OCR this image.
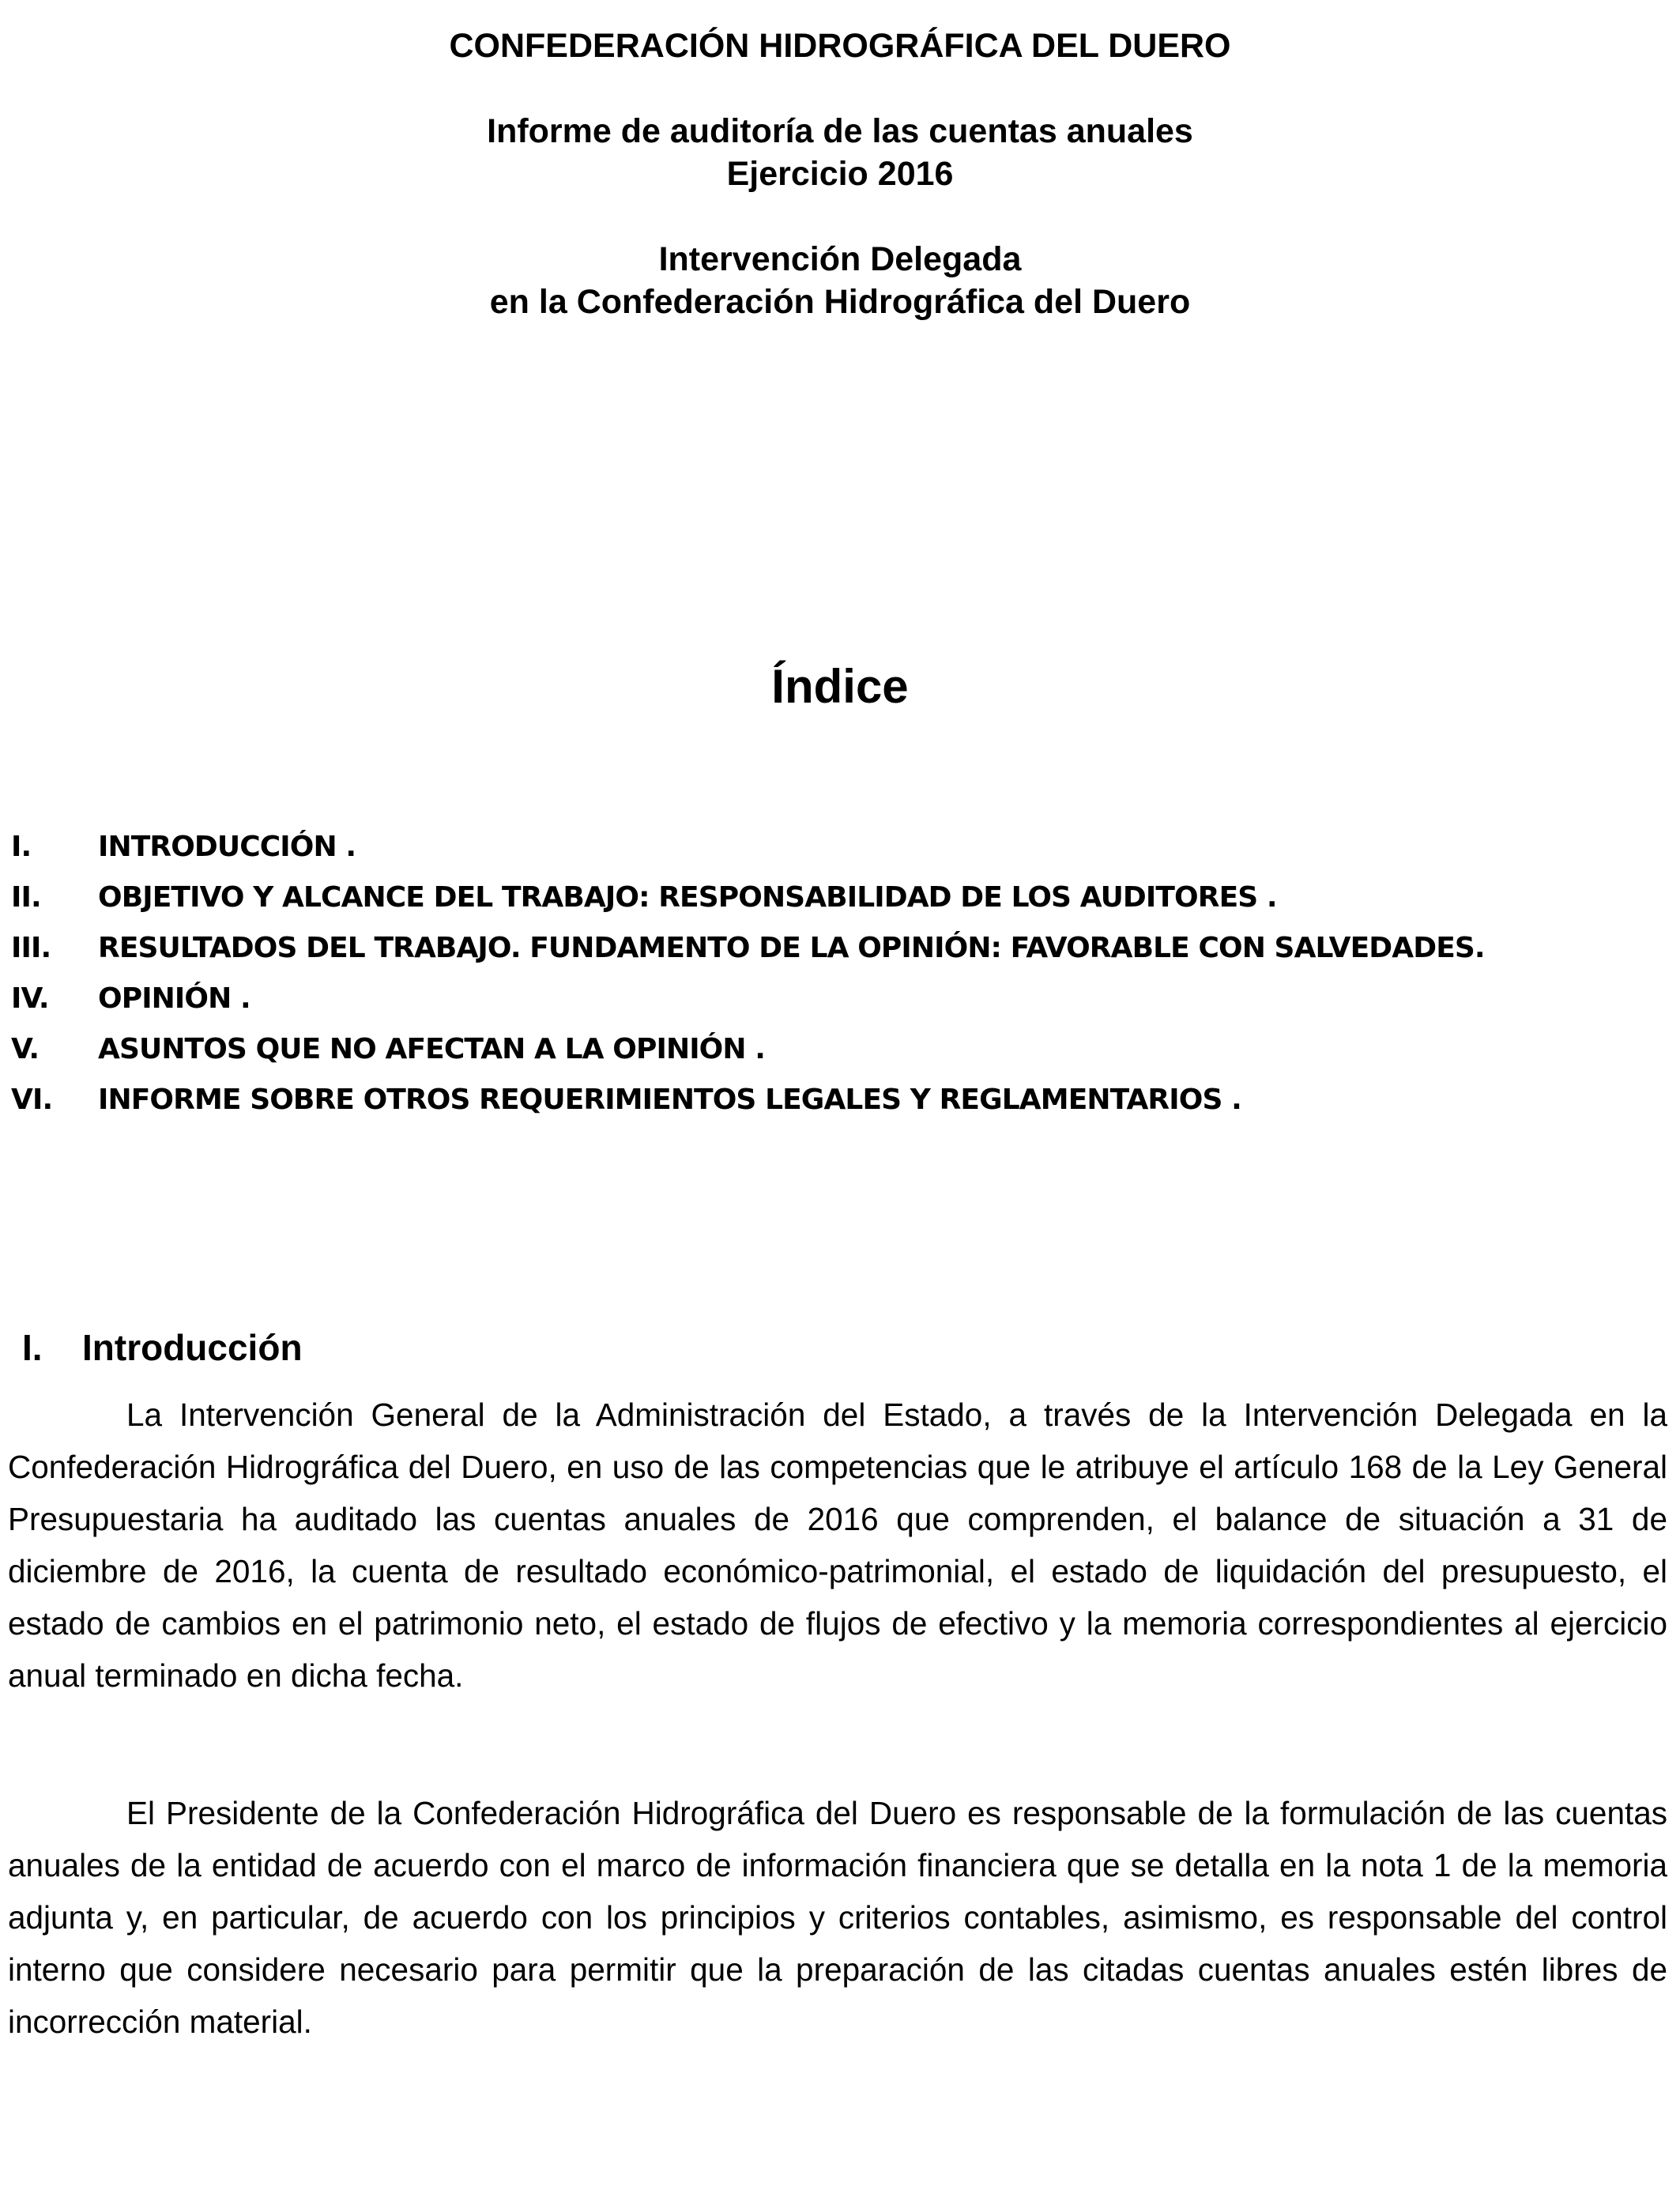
CONFEDERACIÓN HIDROGRÁFICA DEL DUERO
Informe de auditoría de las cuentas anuales
Ejercicio 2016
Intervención Delegada
en la Confederación Hidrográfica del Duero
Índice
I. INTRODUCCIÓN .
II. OBJETIVO Y ALCANCE DEL TRABAJO: RESPONSABILIDAD DE LOS AUDITORES .
III. RESULTADOS DEL TRABAJO. FUNDAMENTO DE LA OPINIÓN: FAVORABLE CON SALVEDADES.
IV. OPINIÓN .
V. ASUNTOS QUE NO AFECTAN A LA OPINIÓN .
VI. INFORME SOBRE OTROS REQUERIMIENTOS LEGALES Y REGLAMENTARIOS .
I. Introducción

La Intervención General de la Administración del Estado, a través de la Intervención Delegada en la Confederación Hidrográfica del Duero, en uso de las competencias que le atribuye el artículo 168 de la Ley General Presupuestaria ha auditado las cuentas anuales de 2016 que comprenden, el balance de situación a 31 de diciembre de 2016, la cuenta de resultado económico-patrimonial, el estado de liquidación del presupuesto, el estado de cambios en el patrimonio neto, el estado de flujos de efectivo y la memoria correspondientes al ejercicio anual terminado en dicha fecha.

El Presidente de la Confederación Hidrográfica del Duero es responsable de la formulación de las cuentas anuales de la entidad de acuerdo con el marco de información financiera que se detalla en la nota 1 de la memoria adjunta y, en particular, de acuerdo con los principios y criterios contables, asimismo, es responsable del control interno que considere necesario para permitir que la preparación de las citadas cuentas anuales estén libres de incorrección material.
